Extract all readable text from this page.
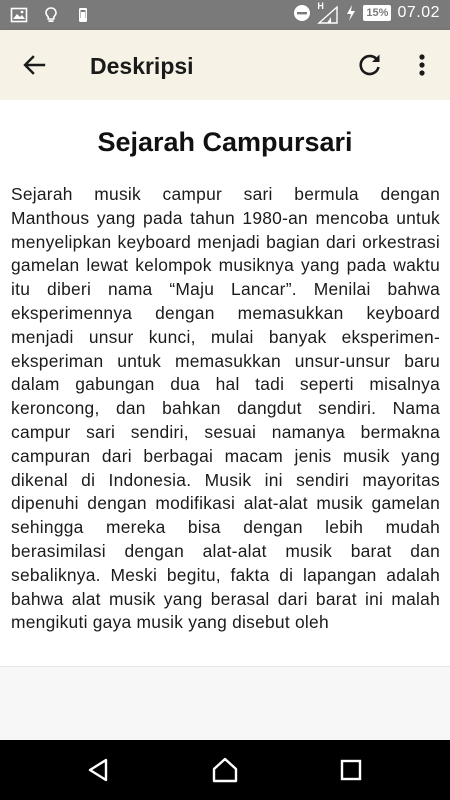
H
15% 07.02
Deskripsi
Sejarah Campursari
Sejarah musik campur sari bermula dengan Manthous yang pada tahun 1980-an mencoba untuk menyelipkan keyboard menjadi bagian dari orkestrasi gamelan lewat kelompok musiknya yang pada waktu itu diberi nama “Maju Lancar”. Menilai bahwa eksperimennya dengan memasukkan keyboard menjadi unsur kunci, mulai banyak eksperimen-eksperiman untuk memasukkan unsur-unsur baru dalam gabungan dua hal tadi seperti misalnya keroncong, dan bahkan dangdut sendiri. Nama campur sari sendiri, sesuai namanya bermakna campuran dari berbagai macam jenis musik yang dikenal di Indonesia. Musik ini sendiri mayoritas dipenuhi dengan modifikasi alat-alat musik gamelan sehingga mereka bisa dengan lebih mudah berasimilasi dengan alat-alat musik barat dan sebaliknya. Meski begitu, fakta di lapangan adalah bahwa alat musik yang berasal dari barat ini malah mengikuti gaya musik yang disebut oleh
